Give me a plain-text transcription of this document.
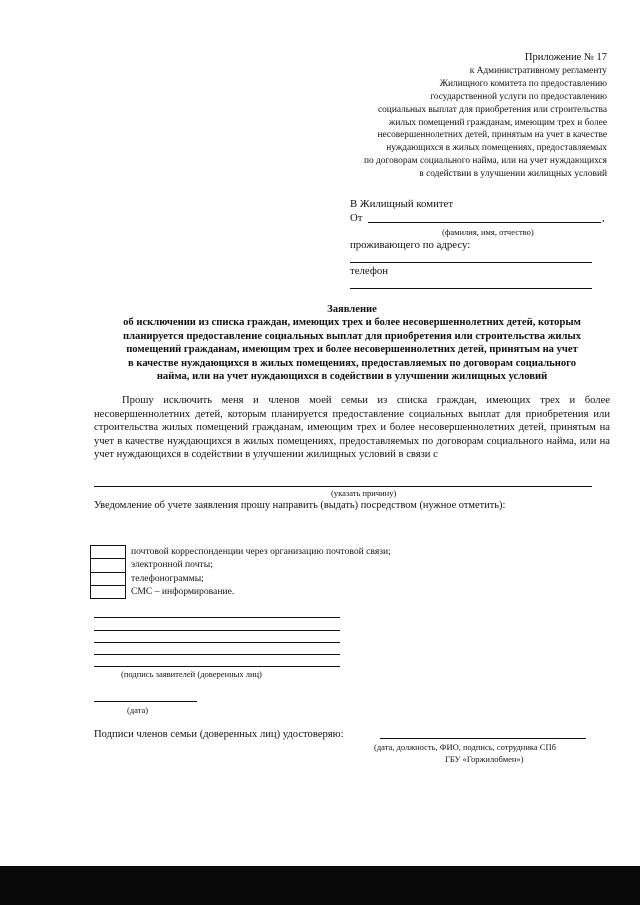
Приложение № 17
к Административному регламенту
Жилищного комитета по предоставлению
государственной услуги по предоставлению
социальных выплат для приобретения или строительства
жилых помещений гражданам, имеющим трех и более
несовершеннолетних детей, принятым на учет в качестве
нуждающихся в жилых помещениях, предоставляемых
по договорам социального найма, или на учет нуждающихся
в содействии в улучшении жилищных условий
В Жилищный комитет
От	,
(фамилия, имя, отчество)
проживающего по адресу:
телефон
Заявление
об исключении из списка граждан, имеющих трех и более несовершеннолетних детей, которым
планируется предоставление социальных выплат для приобретения или строительства жилых
помещений гражданам, имеющим трех и более несовершеннолетних детей, принятым на учет
в качестве нуждающихся в жилых помещениях, предоставляемых по договорам социального
найма, или на учет нуждающихся в содействии в улучшении жилищных условий

Прошу исключить меня и членов моей семьи из списка граждан, имеющих трех и более несовершеннолетних детей, которым планируется предоставление социальных выплат для приобретения или строительства жилых помещений гражданам, имеющим трех и более несовершеннолетних детей, принятым на учет в качестве нуждающихся в жилых помещениях, предоставляемых по договорам социального найма, или на учет нуждающихся в содействии в улучшении жилищных условий в связи с

(указать причину)
Уведомление об учете заявления прошу направить (выдать) посредством (нужное отметить):
почтовой корреспонденции через организацию почтовой связи;
электронной почты;
телефонограммы;
СМС – информирование.
(подпись заявителей (доверенных лиц)
(дата)
Подписи членов семьи (доверенных лиц) удостоверяю:
(дата, должность, ФИО, подпись, сотрудника СПб
ГБУ «Горжилобмен»)
